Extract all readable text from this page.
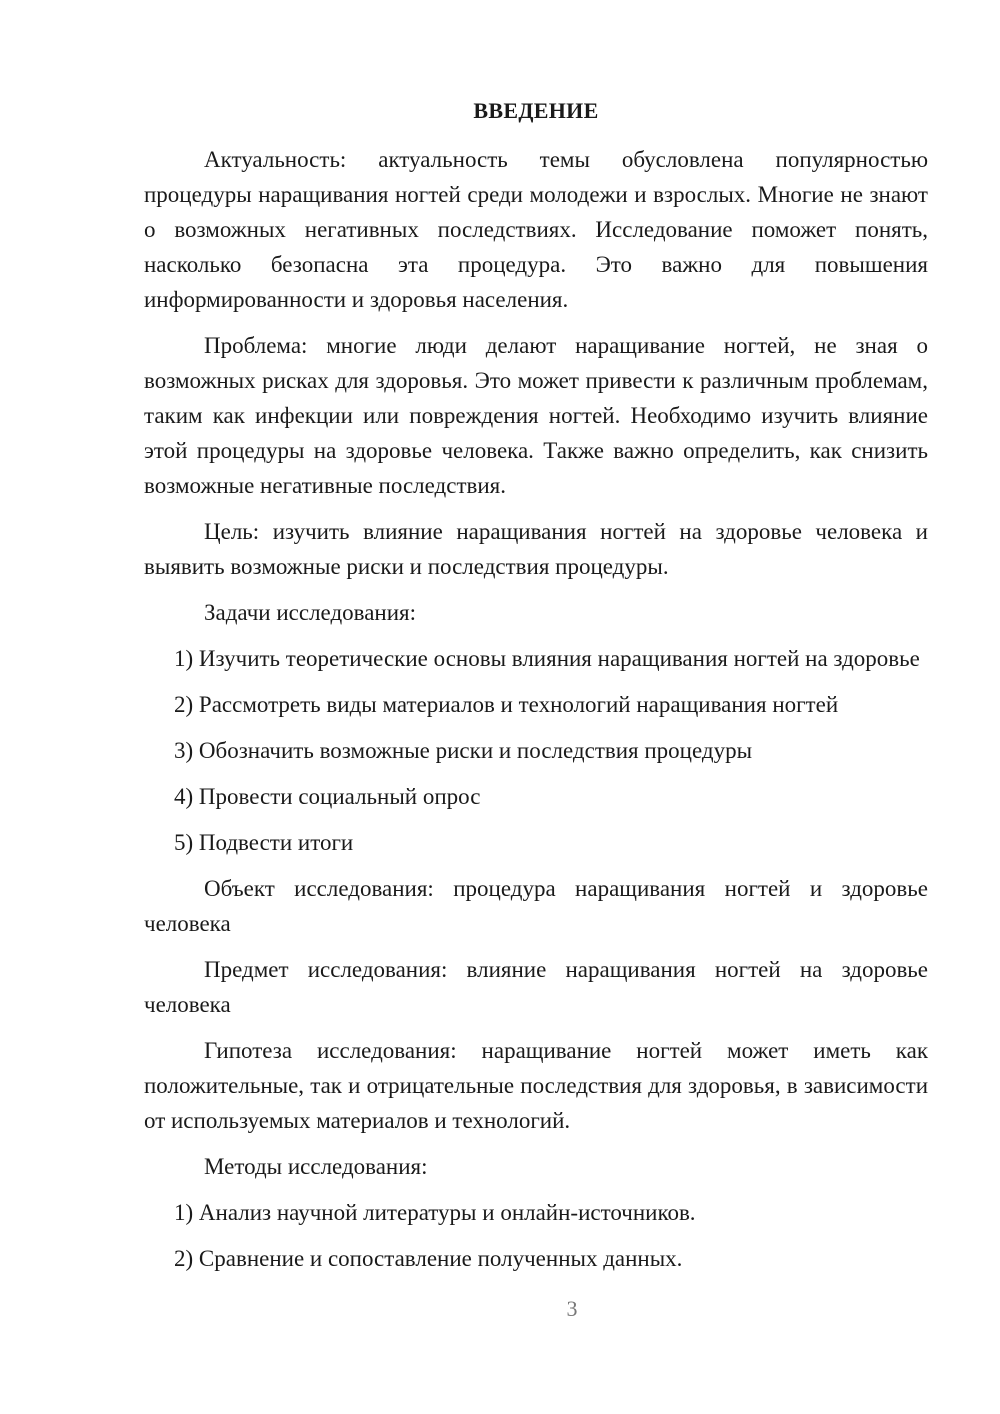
ВВЕДЕНИЕ

Актуальность: актуальность темы обусловлена популярностью процедуры наращивания ногтей среди молодежи и взрослых. Многие не знают о возможных негативных последствиях. Исследование поможет понять, насколько безопасна эта процедура. Это важно для повышения информированности и здоровья населения.

Проблема: многие люди делают наращивание ногтей, не зная о возможных рисках для здоровья. Это может привести к различным проблемам, таким как инфекции или повреждения ногтей. Необходимо изучить влияние этой процедуры на здоровье человека. Также важно определить, как снизить возможные негативные последствия.

Цель: изучить влияние наращивания ногтей на здоровье человека и выявить возможные риски и последствия процедуры.

Задачи исследования:

1) Изучить теоретические основы влияния наращивания ногтей на здоровье

2) Рассмотреть виды материалов и технологий наращивания ногтей

3) Обозначить возможные риски и последствия процедуры

4) Провести социальный опрос

5) Подвести итоги

Объект исследования: процедура наращивания ногтей и здоровье человека

Предмет исследования: влияние наращивания ногтей на здоровье человека

Гипотеза исследования: наращивание ногтей может иметь как положительные, так и отрицательные последствия для здоровья, в зависимости от используемых материалов и технологий.

Методы исследования:

1) Анализ научной литературы и онлайн-источников.

2) Сравнение и сопоставление полученных данных.

3
